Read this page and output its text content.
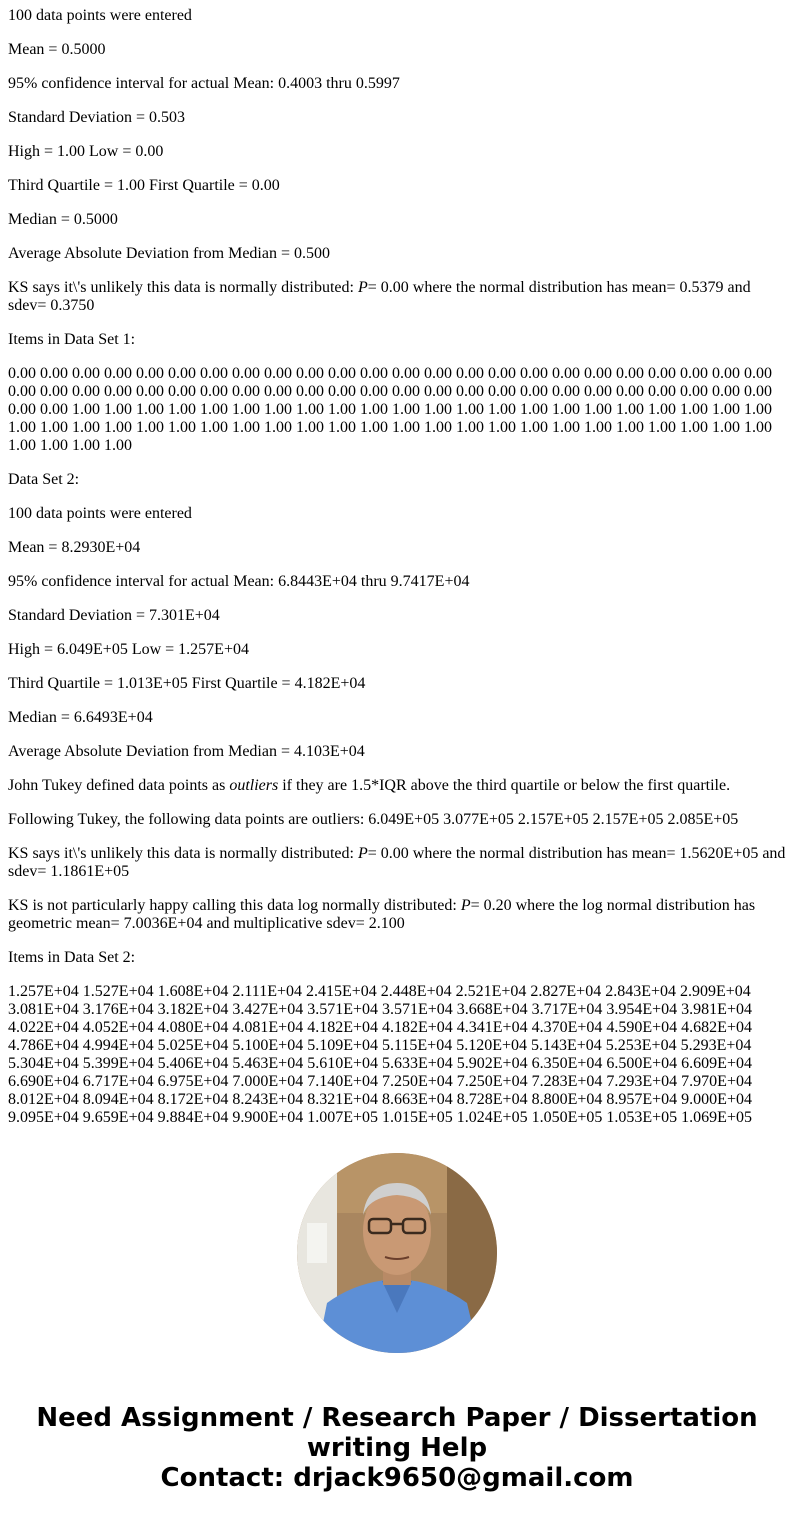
100 data points were entered

Mean = 0.5000

95% confidence interval for actual Mean: 0.4003 thru 0.5997

Standard Deviation = 0.503

High = 1.00 Low = 0.00

Third Quartile = 1.00 First Quartile = 0.00

Median = 0.5000

Average Absolute Deviation from Median = 0.500

KS says it\'s unlikely this data is normally distributed: P= 0.00 where the normal distribution has mean= 0.5379 and sdev= 0.3750

Items in Data Set 1:

0.00 0.00 0.00 0.00 0.00 0.00 0.00 0.00 0.00 0.00 0.00 0.00 0.00 0.00 0.00 0.00 0.00 0.00 0.00 0.00 0.00 0.00 0.00 0.00 0.00 0.00 0.00 0.00 0.00 0.00 0.00 0.00 0.00 0.00 0.00 0.00 0.00 0.00 0.00 0.00 0.00 0.00 0.00 0.00 0.00 0.00 0.00 0.00 0.00 0.00 1.00 1.00 1.00 1.00 1.00 1.00 1.00 1.00 1.00 1.00 1.00 1.00 1.00 1.00 1.00 1.00 1.00 1.00 1.00 1.00 1.00 1.00 1.00 1.00 1.00 1.00 1.00 1.00 1.00 1.00 1.00 1.00 1.00 1.00 1.00 1.00 1.00 1.00 1.00 1.00 1.00 1.00 1.00 1.00 1.00 1.00 1.00 1.00 1.00 1.00

Data Set 2:

100 data points were entered

Mean = 8.2930E+04

95% confidence interval for actual Mean: 6.8443E+04 thru 9.7417E+04

Standard Deviation = 7.301E+04

High = 6.049E+05 Low = 1.257E+04

Third Quartile = 1.013E+05 First Quartile = 4.182E+04

Median = 6.6493E+04

Average Absolute Deviation from Median = 4.103E+04

John Tukey defined data points as outliers if they are 1.5*IQR above the third quartile or below the first quartile.

Following Tukey, the following data points are outliers: 6.049E+05 3.077E+05 2.157E+05 2.157E+05 2.085E+05

KS says it\'s unlikely this data is normally distributed: P= 0.00 where the normal distribution has mean= 1.5620E+05 and sdev= 1.1861E+05

KS is not particularly happy calling this data log normally distributed: P= 0.20 where the log normal distribution has geometric mean= 7.0036E+04 and multiplicative sdev= 2.100

Items in Data Set 2:

1.257E+04 1.527E+04 1.608E+04 2.111E+04 2.415E+04 2.448E+04 2.521E+04 2.827E+04 2.843E+04 2.909E+04 3.081E+04 3.176E+04 3.182E+04 3.427E+04 3.571E+04 3.571E+04 3.668E+04 3.717E+04 3.954E+04 3.981E+04 4.022E+04 4.052E+04 4.080E+04 4.081E+04 4.182E+04 4.182E+04 4.341E+04 4.370E+04 4.590E+04 4.682E+04 4.786E+04 4.994E+04 5.025E+04 5.100E+04 5.109E+04 5.115E+04 5.120E+04 5.143E+04 5.253E+04 5.293E+04 5.304E+04 5.399E+04 5.406E+04 5.463E+04 5.610E+04 5.633E+04 5.902E+04 6.350E+04 6.500E+04 6.609E+04 6.690E+04 6.717E+04 6.975E+04 7.000E+04 7.140E+04 7.250E+04 7.250E+04 7.283E+04 7.293E+04 7.970E+04 8.012E+04 8.094E+04 8.172E+04 8.243E+04 8.321E+04 8.663E+04 8.728E+04 8.800E+04 8.957E+04 9.000E+04 9.095E+04 9.659E+04 9.884E+04 9.900E+04 1.007E+05 1.015E+05 1.024E+05 1.050E+05 1.053E+05 1.069E+05

Need Assignment / Research Paper / Dissertation
writing Help
Contact: drjack9650@gmail.com
